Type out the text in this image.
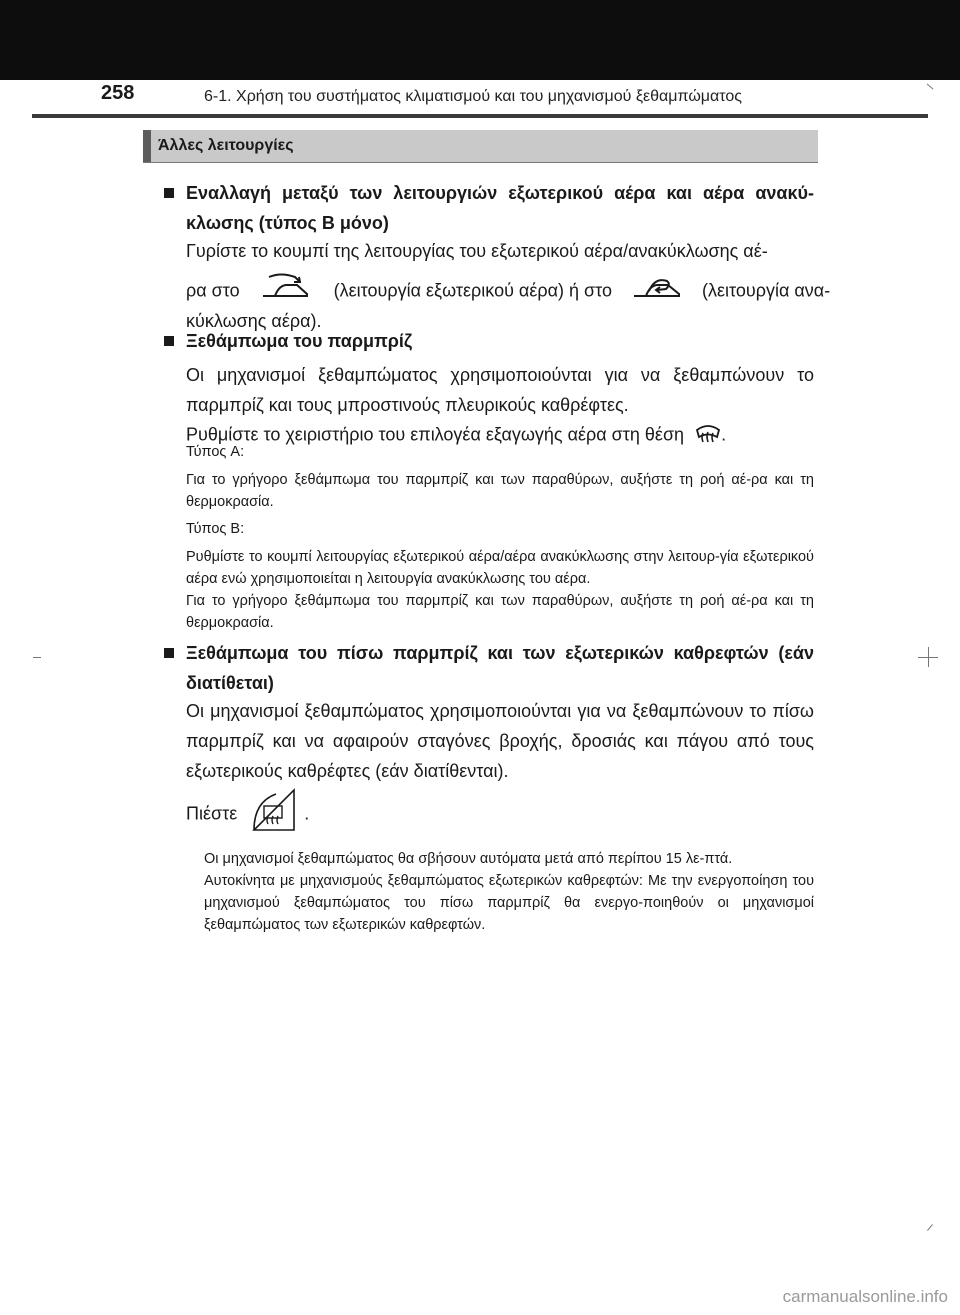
258	6-1. Χρήση του συστήματος κλιματισμού και του μηχανισμού ξεθαμπώματος
Άλλες λειτουργίες
Εναλλαγή μεταξύ των λειτουργιών εξωτερικού αέρα και αέρα ανακύ-κλωσης (τύπος Β μόνο)
Γυρίστε το κουμπί της λειτουργίας του εξωτερικού αέρα/ανακύκλωσης αέ-
ρα στο	(λειτουργία εξωτερικού αέρα) ή στο	(λειτουργία ανα-
κύκλωσης αέρα).
Ξεθάμπωμα του παρμπρίζ
Οι μηχανισμοί ξεθαμπώματος χρησιμοποιούνται για να ξεθαμπώνουν το παρμπρίζ και τους μπροστινούς πλευρικούς καθρέφτες.
Ρυθμίστε το χειριστήριο του επιλογέα εξαγωγής αέρα στη θέση .
Τύπος A:
Για το γρήγορο ξεθάμπωμα του παρμπρίζ και των παραθύρων, αυξήστε τη ροή αέ-ρα και τη θερμοκρασία.
Τύπος B:
Ρυθμίστε το κουμπί λειτουργίας εξωτερικού αέρα/αέρα ανακύκλωσης στην λειτουρ-γία εξωτερικού αέρα ενώ χρησιμοποιείται η λειτουργία ανακύκλωσης του αέρα.
Για το γρήγορο ξεθάμπωμα του παρμπρίζ και των παραθύρων, αυξήστε τη ροή αέ-ρα και τη θερμοκρασία.
Ξεθάμπωμα του πίσω παρμπρίζ και των εξωτερικών καθρεφτών (εάν διατίθεται)
Οι μηχανισμοί ξεθαμπώματος χρησιμοποιούνται για να ξεθαμπώνουν το πίσω παρμπρίζ και να αφαιρούν σταγόνες βροχής, δροσιάς και πάγου από τους εξωτερικούς καθρέφτες (εάν διατίθενται).
Πιέστε	.
Οι μηχανισμοί ξεθαμπώματος θα σβήσουν αυτόματα μετά από περίπου 15 λε-πτά.
Αυτοκίνητα με μηχανισμούς ξεθαμπώματος εξωτερικών καθρεφτών: Με την ενεργοποίηση του μηχανισμού ξεθαμπώματος του πίσω παρμπρίζ θα ενεργο-ποιηθούν οι μηχανισμοί ξεθαμπώματος των εξωτερικών καθρεφτών.
carmanualsonline.info
